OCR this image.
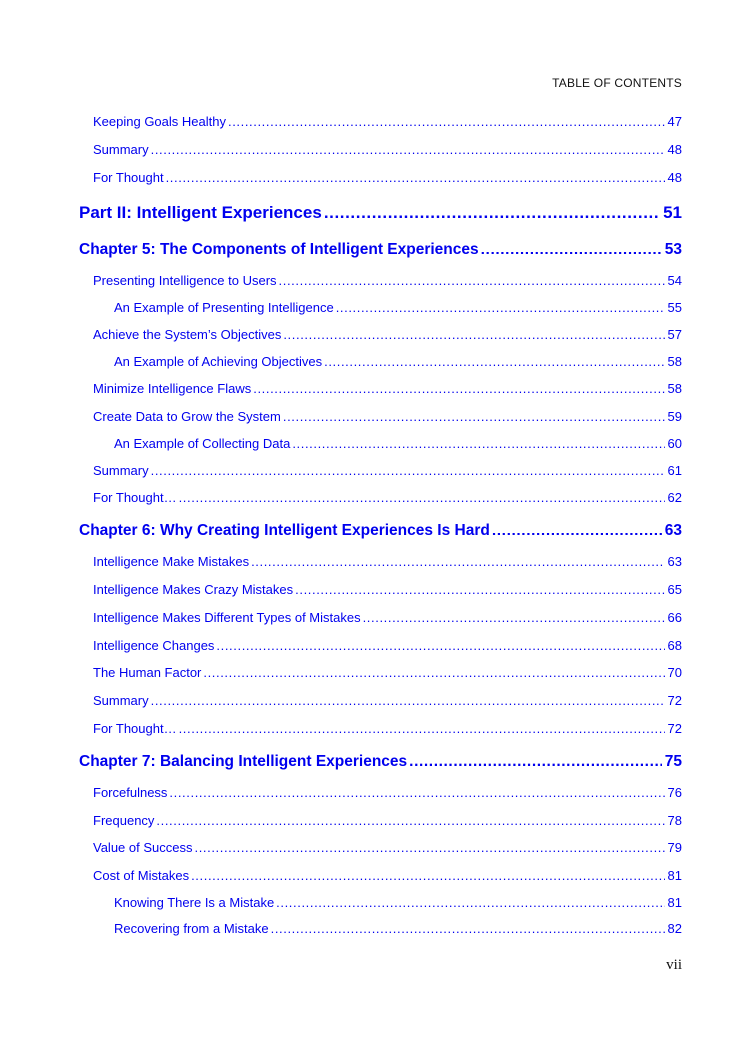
TABLE OF CONTENTS
Keeping Goals Healthy
.....	47
Summary
.....	48
For Thought
.....	48
Part II: Intelligent Experiences
.....	51
Chapter 5: The Components of Intelligent Experiences
.....	53
Presenting Intelligence to Users
.....	54
An Example of Presenting Intelligence .....	55
Achieve the System’s Objectives
.....	57
An Example of Achieving Objectives .....	58
Minimize Intelligence Flaws
.....	58
Create Data to Grow the System
.....	59
An Example of Collecting Data .....	60
Summary
.....	61
For Thought…
.....	62
Chapter 6: Why Creating Intelligent Experiences Is Hard
.....	63
Intelligence Make Mistakes
.....	63
Intelligence Makes Crazy Mistakes
.....	65
Intelligence Makes Different Types of Mistakes
.....	66
Intelligence Changes
.....	68
The Human Factor
.....	70
Summary
.....	72
For Thought…
.....	72
Chapter 7: Balancing Intelligent Experiences
.....	75
Forcefulness
.....	76
Frequency
.....	78
Value of Success
.....	79
Cost of Mistakes
.....	81
Knowing There Is a Mistake .....	81
Recovering from a Mistake .....	82
vii
